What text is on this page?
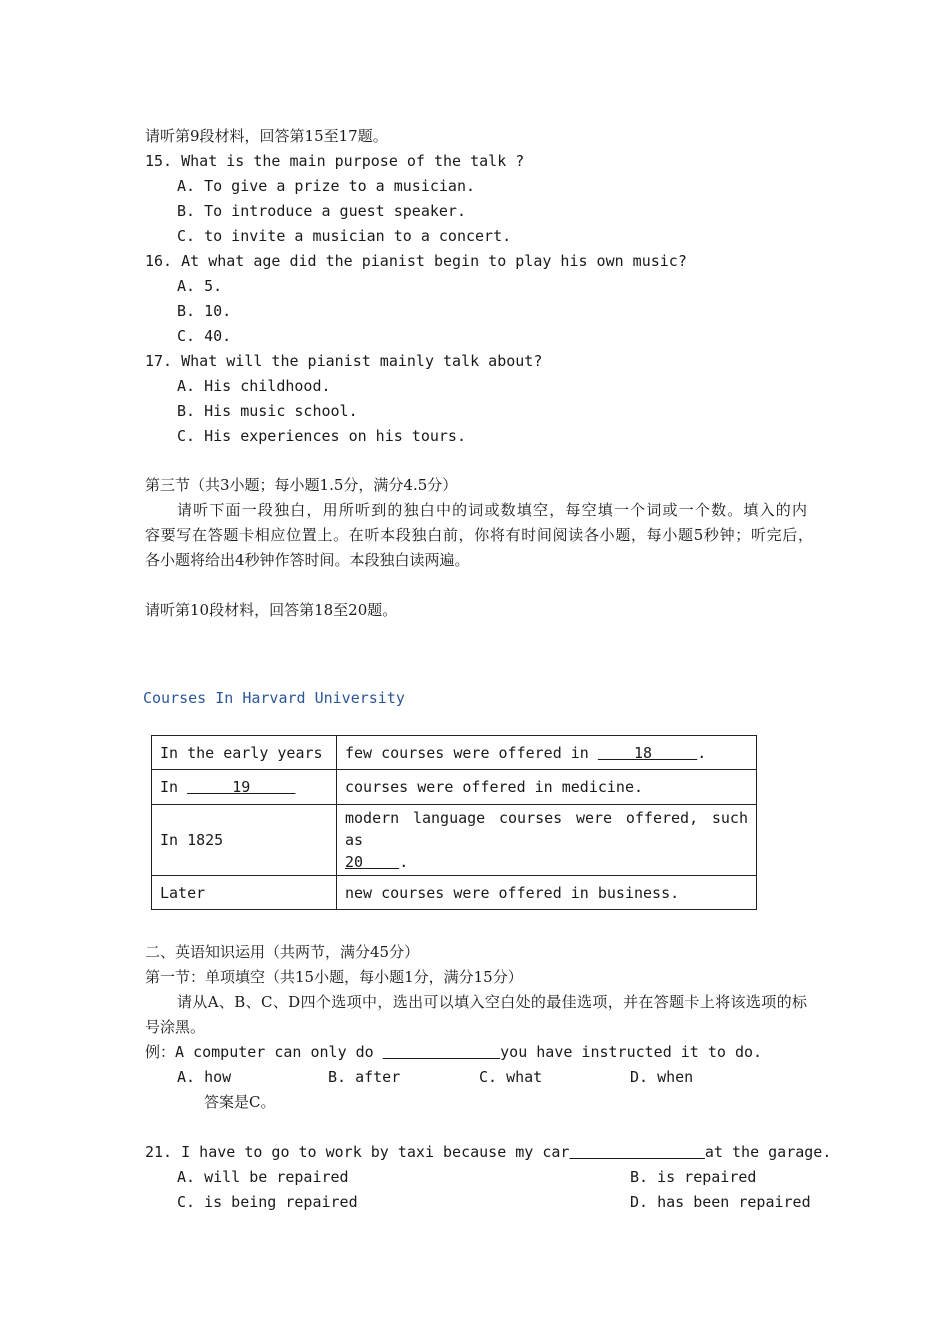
请听第9段材料，回答第15至17题。
15. What is the main purpose of the talk ?
A. To give a prize to a musician.
B. To introduce a guest speaker.
C. to invite a musician to a concert.
16. At what age did the pianist begin to play his own music?
A. 5.
B. 10.
C. 40.
17. What will the pianist mainly talk about?
A. His childhood.
B. His music school.
C. His experiences on his tours.
第三节（共3小题；每小题1.5分，满分4.5分）
请听下面一段独白，用所听到的独白中的词或数填空，每空填一个词或一个数。填入的内
容要写在答题卡相应位置上。在听本段独白前，你将有时间阅读各小题，每小题5秒钟；听完后，
各小题将给出4秒钟作答时间。本段独白读两遍。
请听第10段材料，回答第18至20题。
Courses In Harvard University
In the early years	few courses were offered in     18     .
In      19	courses were offered in medicine.
In 1825	modern language courses were offered, such as
20    .
Later	new courses were offered in business.
二、英语知识运用（共两节，满分45分）
第一节：单项填空（共15小题，每小题1分，满分15分）
请从A、B、C、D四个选项中，选出可以填入空白处的最佳选项，并在答题卡上将该选项的标
号涂黑。
例：A computer can only do	you have instructed it to do.
A. how	B. after	C. what	D. when
答案是C。
21. I have to go to work by taxi because my car	at the garage.
A. will be repaired	B. is repaired
C. is being repaired	D. has been repaired
